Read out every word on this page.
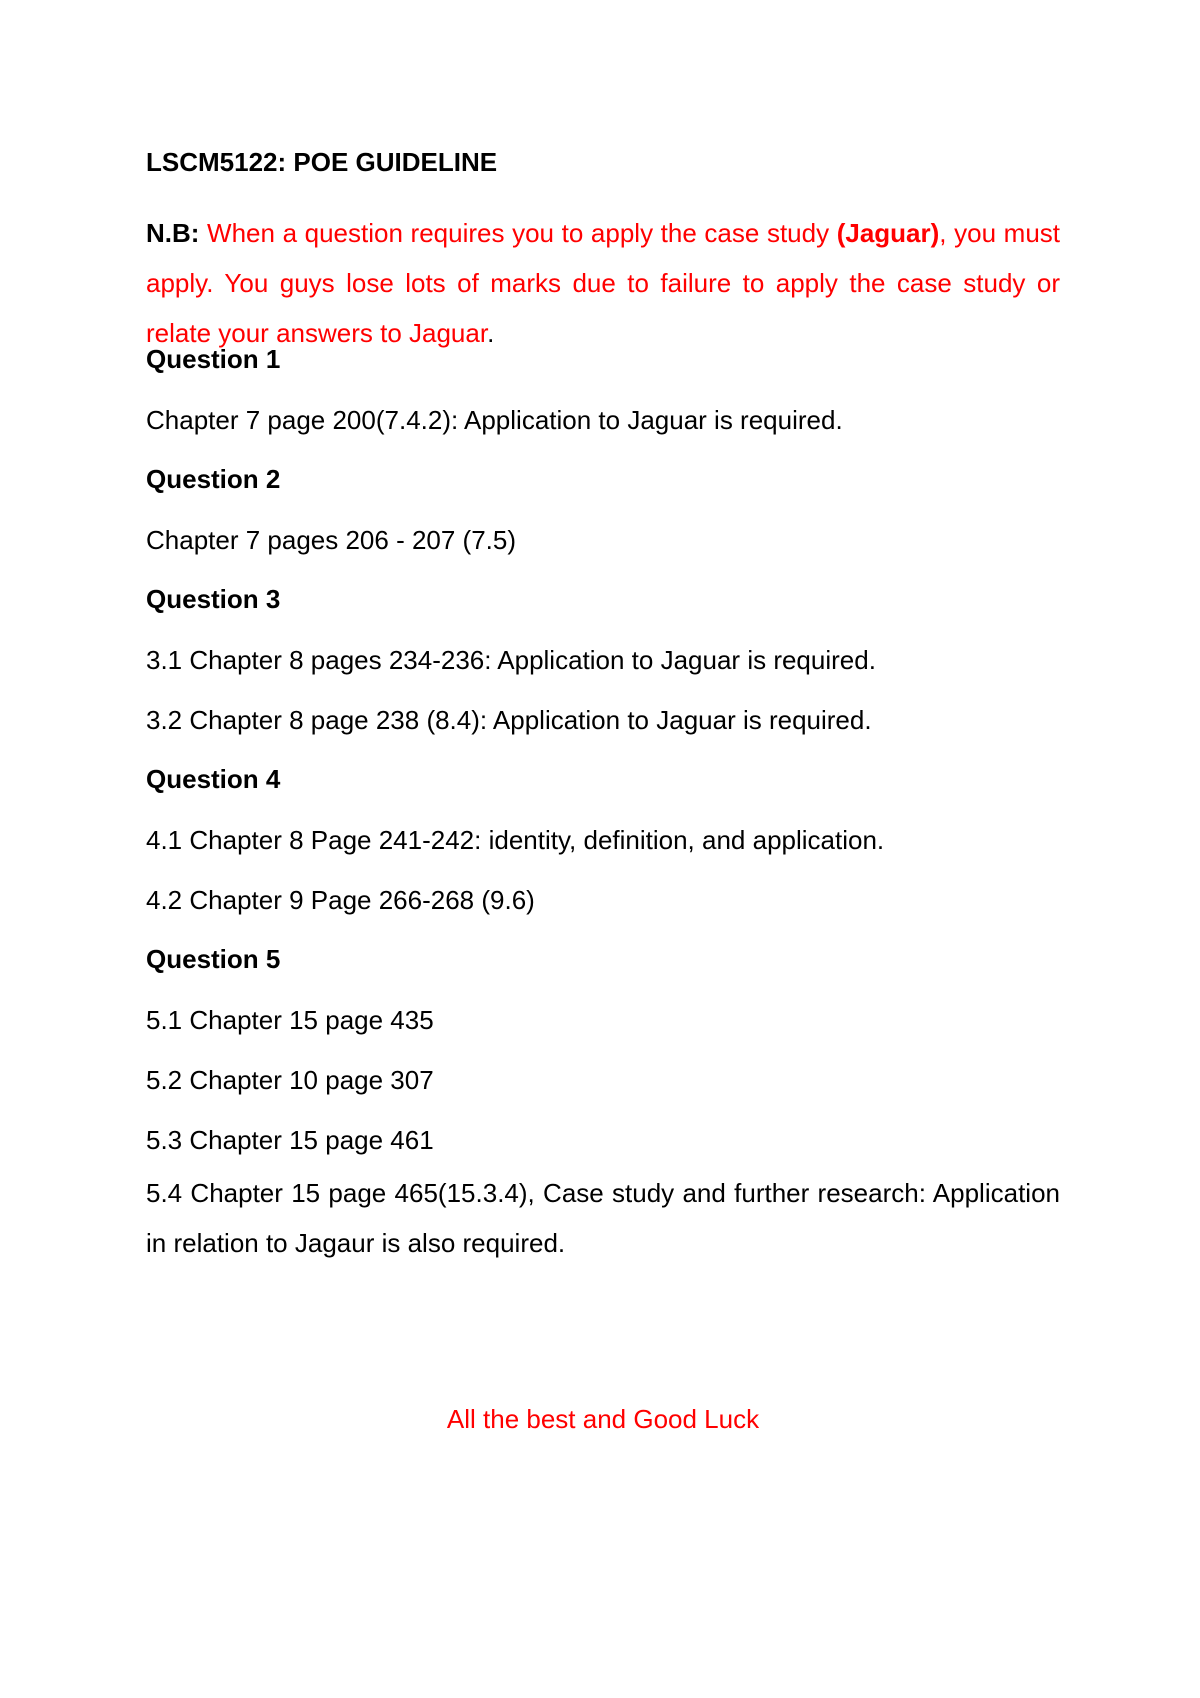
LSCM5122: POE GUIDELINE
N.B: When a question requires you to apply the case study (Jaguar), you must apply. You guys lose lots of marks due to failure to apply the case study or relate your answers to Jaguar.
Question 1
Chapter 7 page 200(7.4.2): Application to Jaguar is required.
Question 2
Chapter 7 pages 206 - 207 (7.5)
Question 3
3.1 Chapter 8 pages 234-236: Application to Jaguar is required.
3.2 Chapter 8 page 238 (8.4): Application to Jaguar is required.
Question 4
4.1 Chapter 8 Page 241-242: identity, definition, and application.
4.2 Chapter 9 Page 266-268 (9.6)
Question 5
5.1 Chapter 15 page 435
5.2 Chapter 10 page 307
5.3 Chapter 15 page 461
5.4 Chapter 15 page 465(15.3.4), Case study and further research: Application in relation to Jagaur is also required.
All the best and Good Luck
